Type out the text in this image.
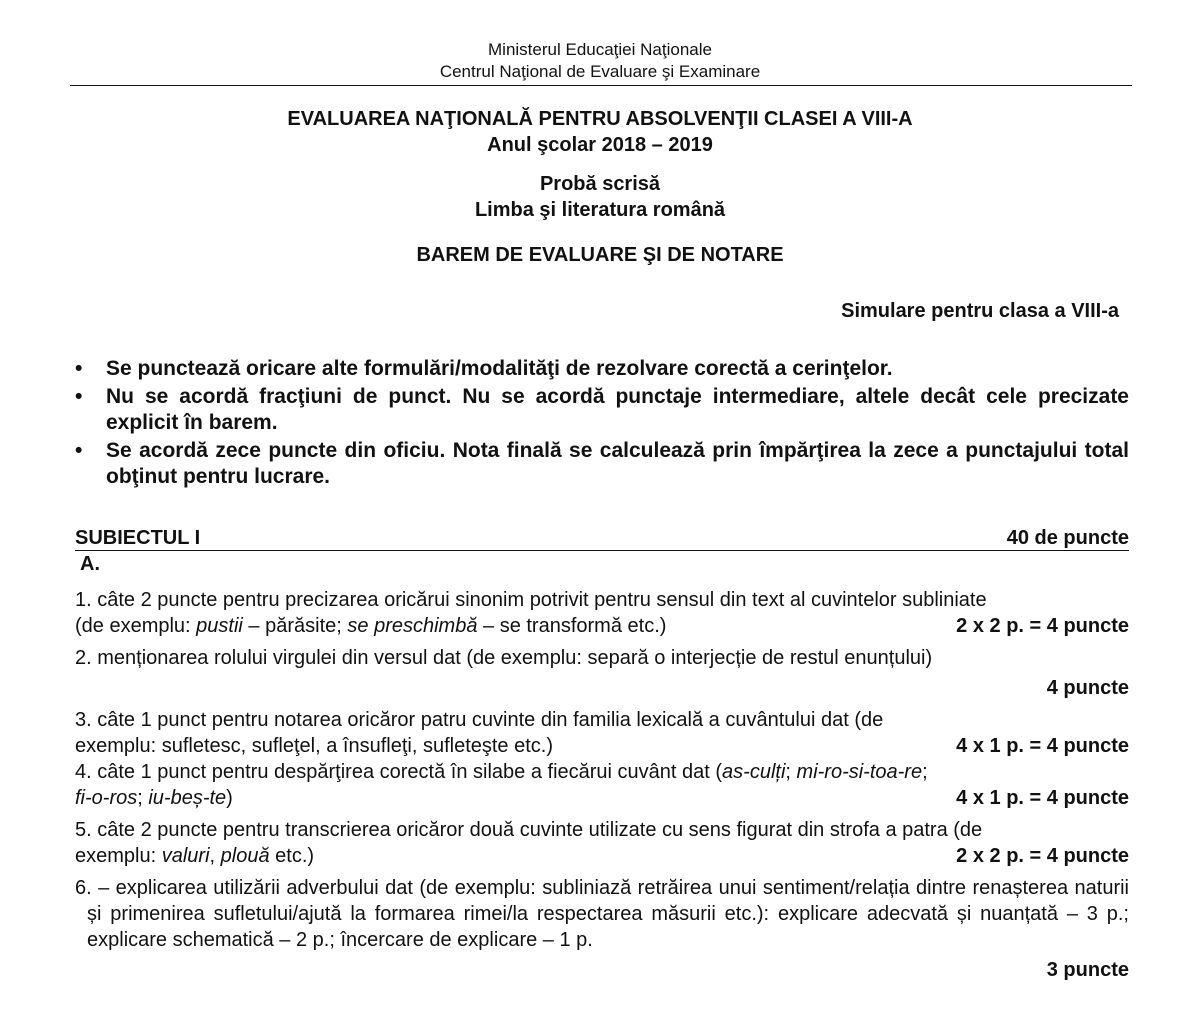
Ministerul Educaţiei Naţionale
Centrul Naţional de Evaluare şi Examinare
EVALUAREA NAŢIONALĂ PENTRU ABSOLVENŢII CLASEI A VIII-A
Anul şcolar 2018 – 2019
Probă scrisă
Limba şi literatura română
BAREM DE EVALUARE ŞI DE NOTARE
Simulare pentru clasa a VIII-a
• Se punctează oricare alte formulări/modalităţi de rezolvare corectă a cerinţelor.
• Nu se acordă fracţiuni de punct. Nu se acordă punctaje intermediare, altele decât cele precizate explicit în barem.
• Se acordă zece puncte din oficiu. Nota finală se calculează prin împărţirea la zece a punctajului total obţinut pentru lucrare.
SUBIECTUL I	40 de puncte
A.

1. câte 2 puncte pentru precizarea oricărui sinonim potrivit pentru sensul din text al cuvintelor subliniate

(de exemplu: pustii – părăsite; se preschimbă – se transformă etc.)	2 x 2 p. = 4 puncte

2. menționarea rolului virgulei din versul dat (de exemplu: separă o interjecție de restul enunțului)

4 puncte

3. câte 1 punct pentru notarea oricăror patru cuvinte din familia lexicală a cuvântului dat (de

exemplu: sufletesc, sufleţel, a însufleţi, sufleteşte etc.)	4 x 1 p. = 4 puncte

4. câte 1 punct pentru despărţirea corectă în silabe a fiecărui cuvânt dat (as-culți; mi-ro-si-toa-re;

fi-o-ros; iu-beș-te)	4 x 1 p. = 4 puncte

5. câte 2 puncte pentru transcrierea oricăror două cuvinte utilizate cu sens figurat din strofa a patra (de

exemplu: valuri, plouă etc.)	2 x 2 p. = 4 puncte

6. – explicarea utilizării adverbului dat (de exemplu: subliniază retrăirea unui sentiment/relația dintre renașterea naturii și primenirea sufletului/ajută la formarea rimei/la respectarea măsurii etc.): explicare adecvată și nuanțată – 3 p.; explicare schematică – 2 p.; încercare de explicare – 1 p.

3 puncte
